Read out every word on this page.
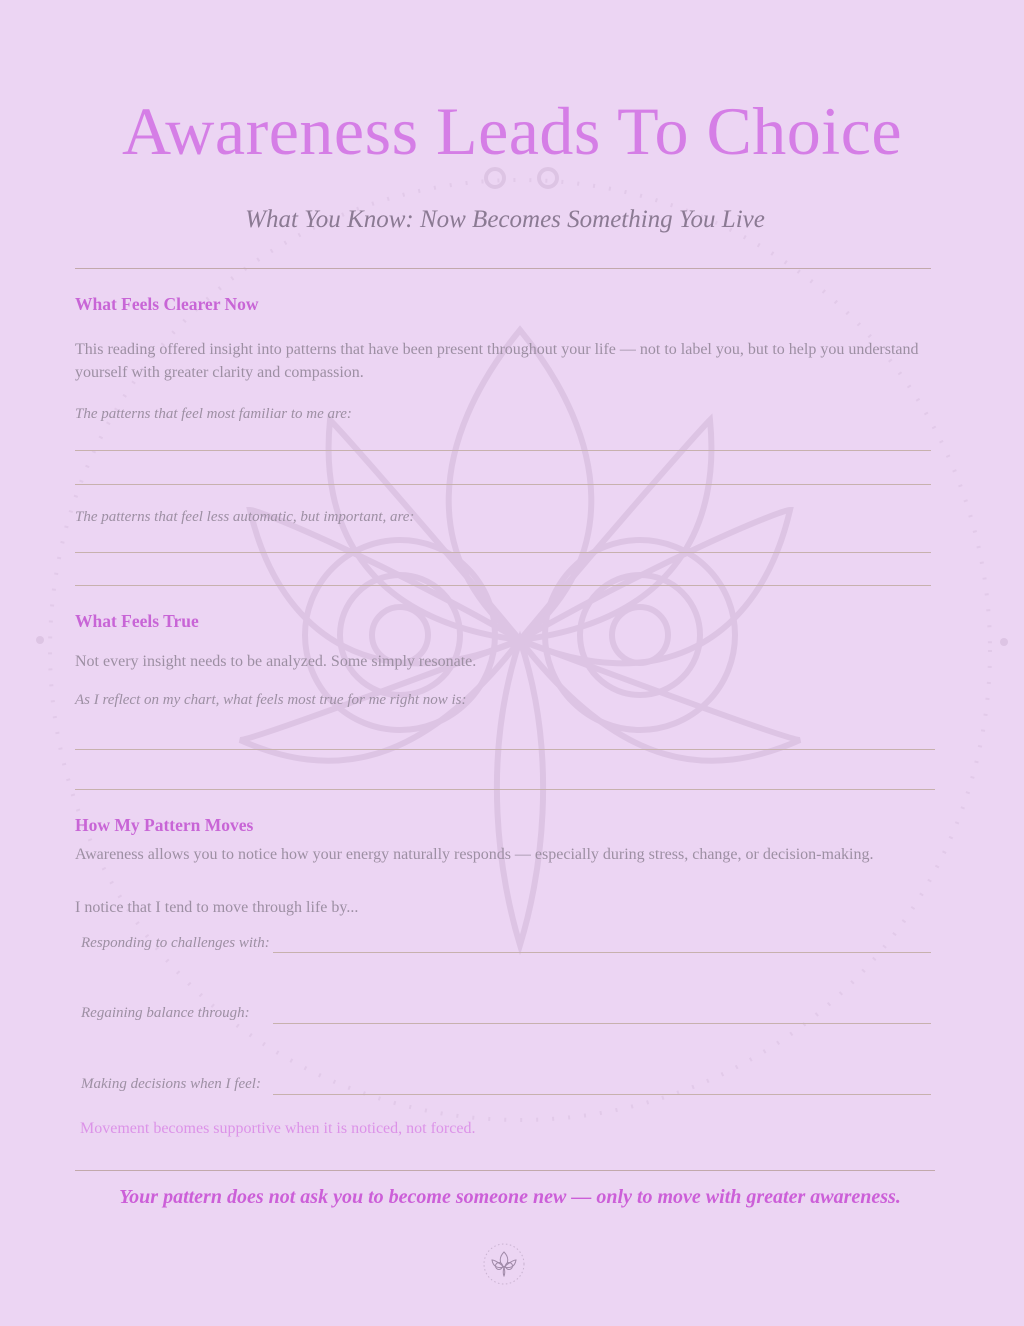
Awareness Leads To Choice
What You Know: Now Becomes Something You Live
What Feels Clearer Now
This reading offered insight into patterns that have been present throughout your life — not to label you, but to help you understand yourself with greater clarity and compassion.
The patterns that feel most familiar to me are:
The patterns that feel less automatic, but important, are:
What Feels True
Not every insight needs to be analyzed. Some simply resonate.
As I reflect on my chart, what feels most true for me right now is:
How My Pattern Moves
Awareness allows you to notice how your energy naturally responds — especially during stress, change, or decision-making.
I notice that I tend to move through life by...
Responding to challenges with:
Regaining balance through:
Making decisions when I feel:
Movement becomes supportive when it is noticed, not forced.
Your pattern does not ask you to become someone new — only to move with greater awareness.
